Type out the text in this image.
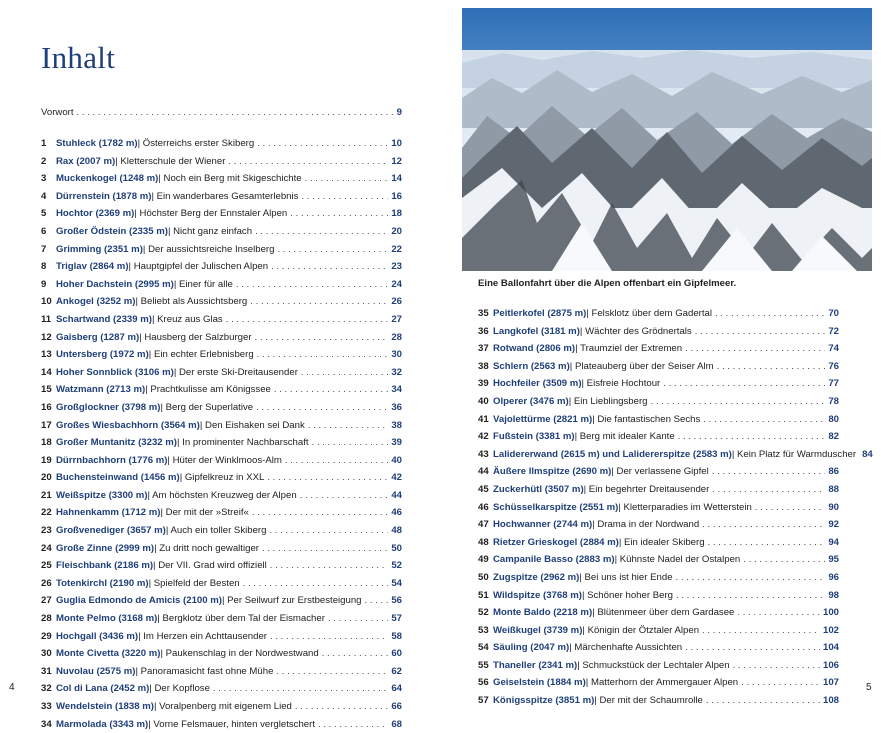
Inhalt
Vorwort . . .	9
1	Stuhleck (1782 m) | Österreichs erster Skiberg . . .	10
2	Rax (2007 m) | Kletterschule der Wiener . . .	12
3	Muckenkogel (1248 m) | Noch ein Berg mit Skigeschichte . . .	14
4	Dürrenstein (1878 m) | Ein wanderbares Gesamterlebnis . . .	16
5	Hochtor (2369 m) | Höchster Berg der Ennstaler Alpen . . .	18
6	Großer Ödstein (2335 m) | Nicht ganz einfach . . .	20
7	Grimming (2351 m) | Der aussichtsreiche Inselberg . . .	22
8	Triglav (2864 m) | Hauptgipfel der Julischen Alpen . . .	23
9	Hoher Dachstein (2995 m) | Einer für alle . . .	24
10 Ankogel (3252 m) | Beliebt als Aussichtsberg . . .	26
11 Schartwand (2339 m) | Kreuz aus Glas . . .	27
12 Gaisberg (1287 m) | Hausberg der Salzburger . . .	28
13 Untersberg (1972 m) | Ein echter Erlebnisberg . . .	30
14 Hoher Sonnblick (3106 m) | Der erste Ski-Dreitausender . . .	32
15 Watzmann (2713 m) | Prachtkulisse am Königssee . . .	34
16 Großglockner (3798 m) | Berg der Superlative . . .	36
17 Großes Wiesbachhorn (3564 m) | Den Eishaken sei Dank . . .	38
18 Großer Muntanitz (3232 m) | In prominenter Nachbarschaft . . .	39
19 Dürrnbachhorn (1776 m) | Hüter der Winklmoos-Alm . . .	40
20 Buchensteinwand (1456 m) | Gipfelkreuz in XXL . . .	42
21 Weißspitze (3300 m) | Am höchsten Kreuzweg der Alpen . . .	44
22 Hahnenkamm (1712 m) | Der mit der »Streif« . . .	46
23 Großvenediger (3657 m) | Auch ein toller Skiberg . . .	48
24 Große Zinne (2999 m) | Zu dritt noch gewaltiger . . .	50
25 Fleischbank (2186 m) | Der VII. Grad wird offiziell . . .	52
26 Totenkirchl (2190 m) | Spielfeld der Besten . . .	54
27 Guglia Edmondo de Amicis (2100 m) | Per Seilwurf zur Erstbesteigung . . .	56
28 Monte Pelmo (3168 m) | Bergklotz über dem Tal der Eismacher . . .	57
29 Hochgall (3436 m) | Im Herzen ein Achttausender . . .	58
30 Monte Civetta (3220 m) | Paukenschlag in der Nordwestwand . . .	60
31 Nuvolau (2575 m) | Panoramasicht fast ohne Mühe . . .	62
32 Col di Lana (2452 m) | Der Kopflose . . .	64
33 Wendelstein (1838 m) | Voralpenberg mit eigenem Lied . . .	66
34 Marmolada (3343 m) | Vorne Felsmauer, hinten vergletschert . . .	68
Eine Ballonfahrt über die Alpen offenbart ein Gipfelmeer.
35 Peitlerkofel (2875 m) | Felsklotz über dem Gadertal . . .	70
36 Langkofel (3181 m) | Wächter des Grödnertals . . .	72
37 Rotwand (2806 m) | Traumziel der Extremen . . .	74
38 Schlern (2563 m) | Plateauberg über der Seiser Alm . . .	76
39 Hochfeiler (3509 m) | Eisfreie Hochtour . . .	77
40 Olperer (3476 m) | Ein Lieblingsberg . . .	78
41 Vajolettürme (2821 m) | Die fantastischen Sechs . . .	80
42 Fußstein (3381 m) | Berg mit idealer Kante . . .	82
43 Lalidererwand (2615 m) und Lalidererspitze (2583 m) | Kein Platz für Warmduscher 84
44 Äußere Ilmspitze (2690 m) | Der verlassene Gipfel . . .	86
45 Zuckerhütl (3507 m) | Ein begehrter Dreitausender . . .	88
46 Schüsselkarspitze (2551 m) | Kletterparadies im Wetterstein . . .	90
47 Hochwanner (2744 m) | Drama in der Nordwand . . .	92
48 Rietzer Grieskogel (2884 m) | Ein idealer Skiberg . . .	94
49 Campanile Basso (2883 m) | Kühnste Nadel der Ostalpen . . .	95
50 Zugspitze (2962 m) | Bei uns ist hier Ende . . .	96
51 Wildspitze (3768 m) | Schöner hoher Berg . . .	98
52 Monte Baldo (2218 m) | Blütenmeer über dem Gardasee . . .	100
53 Weißkugel (3739 m) | Königin der Ötztaler Alpen . . .	102
54 Säuling (2047 m) | Märchenhafte Aussichten . . .	104
55 Thaneller (2341 m) | Schmuckstück der Lechtaler Alpen . . .	106
56 Geiselstein (1884 m) | Matterhorn der Ammergauer Alpen . . .	107
57 Königsspitze (3851 m) | Der mit der Schaumrolle . . .	108
4	5
